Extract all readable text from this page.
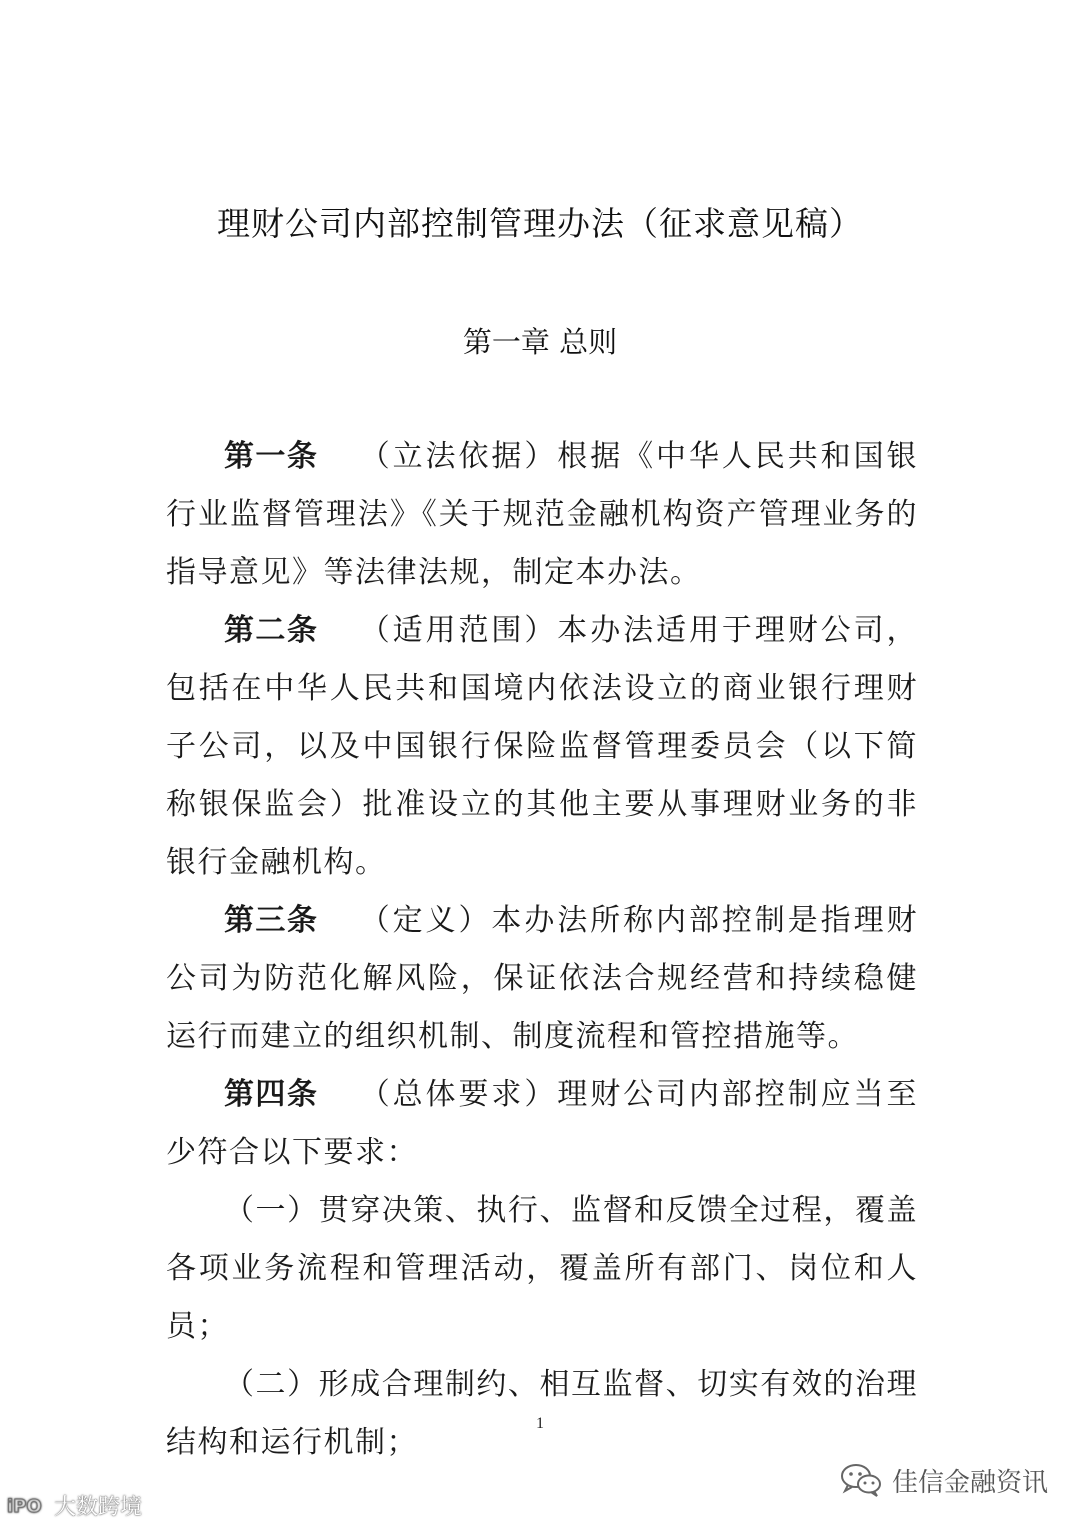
理财公司内部控制管理办法（征求意见稿）
第一章 总则

第一条 （立法依据）根据《中华人民共和国银行业监督管理法》《关于规范金融机构资产管理业务的指导意见》等法律法规，制定本办法。

第二条 （适用范围）本办法适用于理财公司，包括在中华人民共和国境内依法设立的商业银行理财子公司，以及中国银行保险监督管理委员会（以下简称银保监会）批准设立的其他主要从事理财业务的非银行金融机构。

第三条 （定义）本办法所称内部控制是指理财公司为防范化解风险，保证依法合规经营和持续稳健运行而建立的组织机制、制度流程和管控措施等。

第四条 （总体要求）理财公司内部控制应当至少符合以下要求：

（一）贯穿决策、执行、监督和反馈全过程，覆盖各项业务流程和管理活动，覆盖所有部门、岗位和人员；

（二）形成合理制约、相互监督、切实有效的治理结构和运行机制；

1
佳信金融资讯
iPO 大数跨境
